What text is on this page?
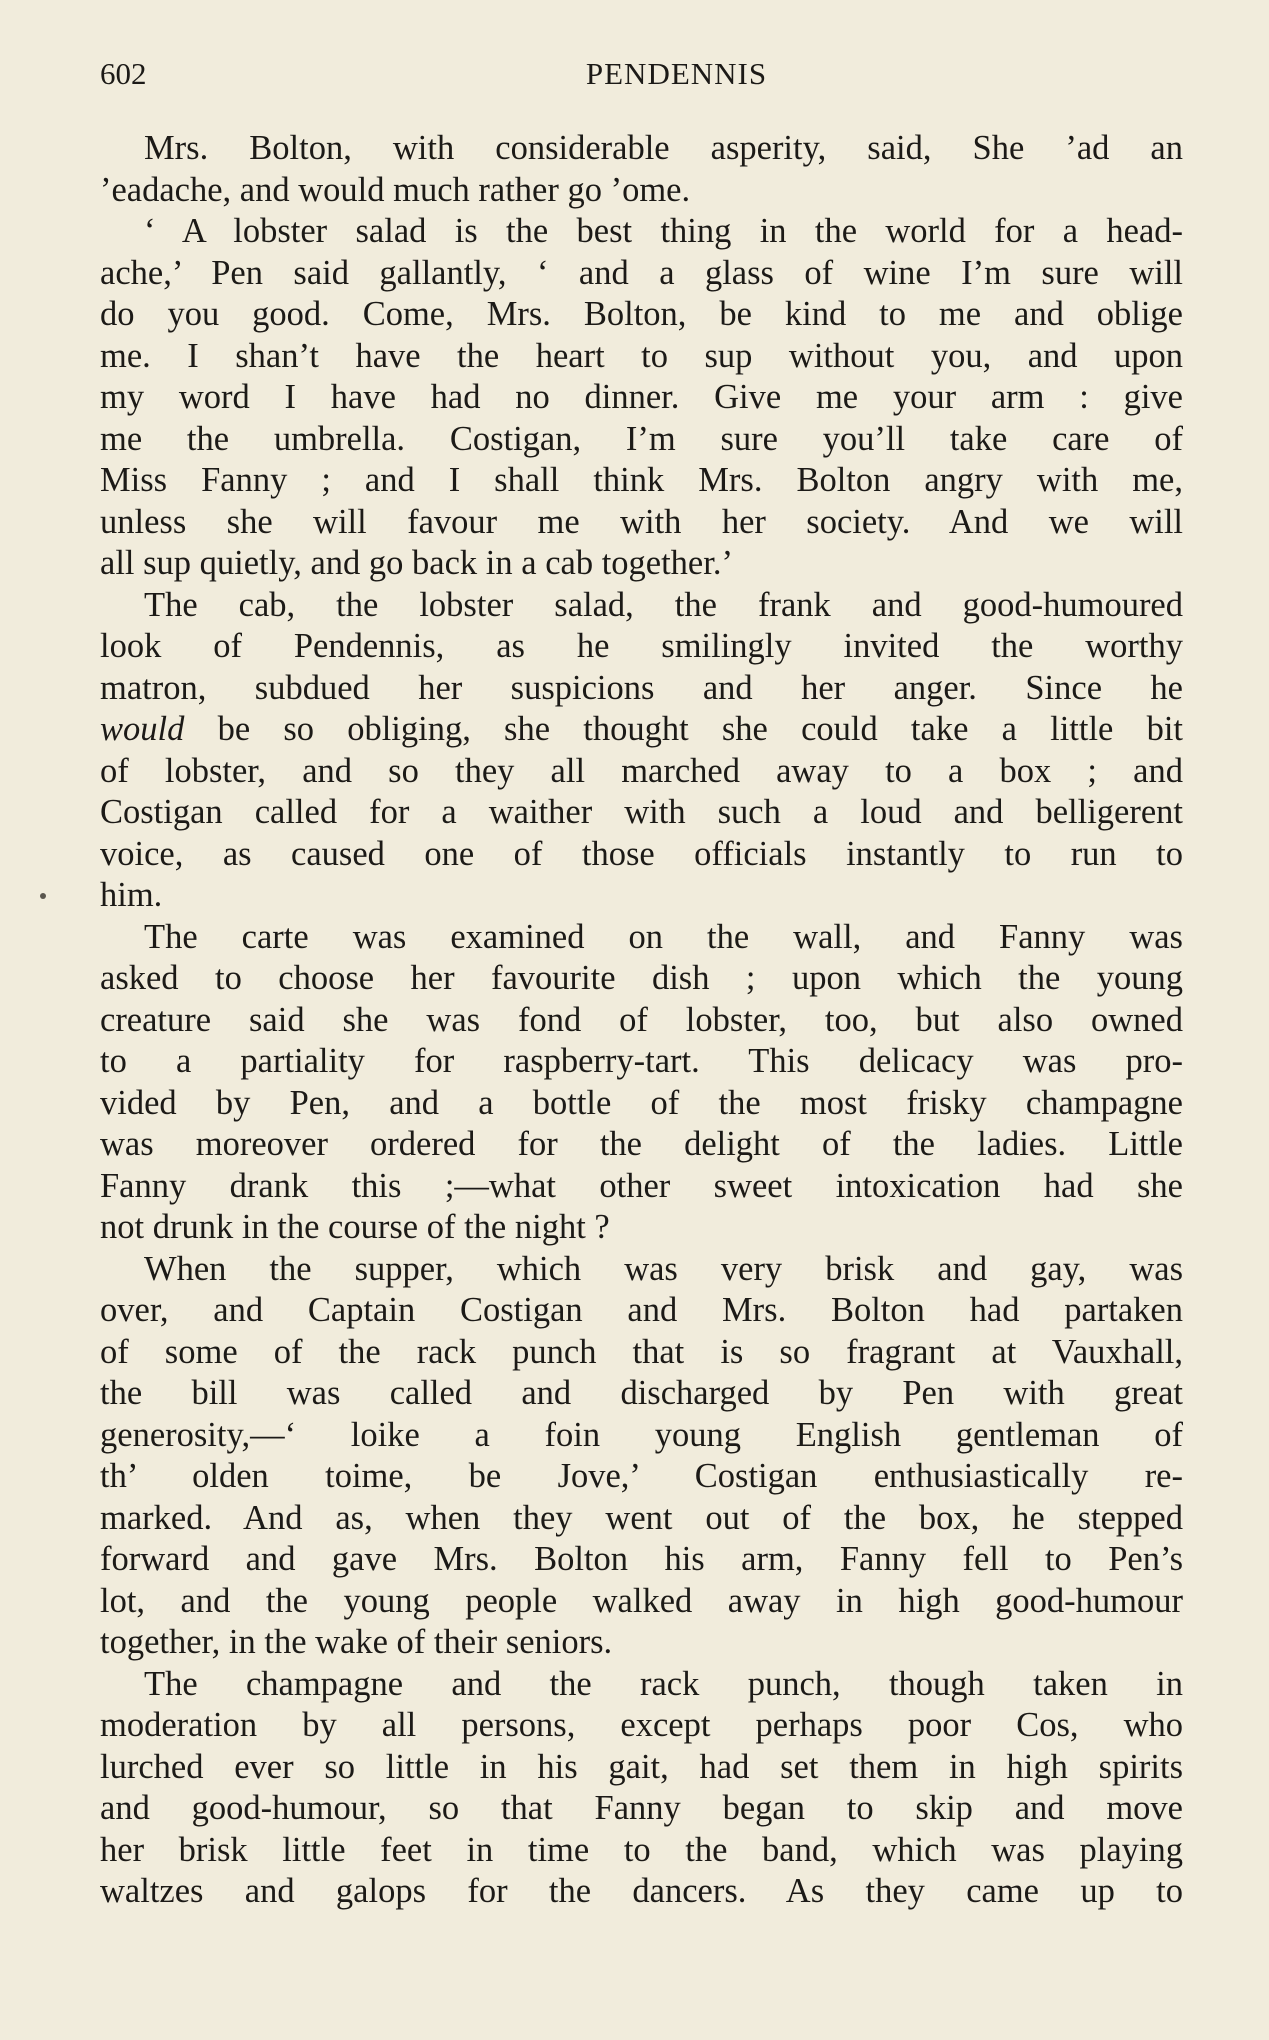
602	PENDENNIS
Mrs. Bolton, with considerable asperity, said, She ’ad an
’eadache, and would much rather go ’ome.
‘ A lobster salad is the best thing in the world for a head-
ache,’ Pen said gallantly, ‘ and a glass of wine I’m sure will
do you good. Come, Mrs. Bolton, be kind to me and oblige
me. I shan’t have the heart to sup without you, and upon
my word I have had no dinner. Give me your arm : give
me the umbrella. Costigan, I’m sure you’ll take care of
Miss Fanny ; and I shall think Mrs. Bolton angry with me,
unless she will favour me with her society. And we will
all sup quietly, and go back in a cab together.’
The cab, the lobster salad, the frank and good-humoured
look of Pendennis, as he smilingly invited the worthy
matron, subdued her suspicions and her anger. Since he
would be so obliging, she thought she could take a little bit
of lobster, and so they all marched away to a box ; and
Costigan called for a waither with such a loud and belligerent
voice, as caused one of those officials instantly to run to
him.
The carte was examined on the wall, and Fanny was
asked to choose her favourite dish ; upon which the young
creature said she was fond of lobster, too, but also owned
to a partiality for raspberry-tart. This delicacy was pro-
vided by Pen, and a bottle of the most frisky champagne
was moreover ordered for the delight of the ladies. Little
Fanny drank this ;—what other sweet intoxication had she
not drunk in the course of the night ?
When the supper, which was very brisk and gay, was
over, and Captain Costigan and Mrs. Bolton had partaken
of some of the rack punch that is so fragrant at Vauxhall,
the bill was called and discharged by Pen with great
generosity,—‘ loike a foin young English gentleman of
th’ olden toime, be Jove,’ Costigan enthusiastically re-
marked. And as, when they went out of the box, he stepped
forward and gave Mrs. Bolton his arm, Fanny fell to Pen’s
lot, and the young people walked away in high good-humour
together, in the wake of their seniors.
The champagne and the rack punch, though taken in
moderation by all persons, except perhaps poor Cos, who
lurched ever so little in his gait, had set them in high spirits
and good-humour, so that Fanny began to skip and move
her brisk little feet in time to the band, which was playing
waltzes and galops for the dancers. As they came up to
